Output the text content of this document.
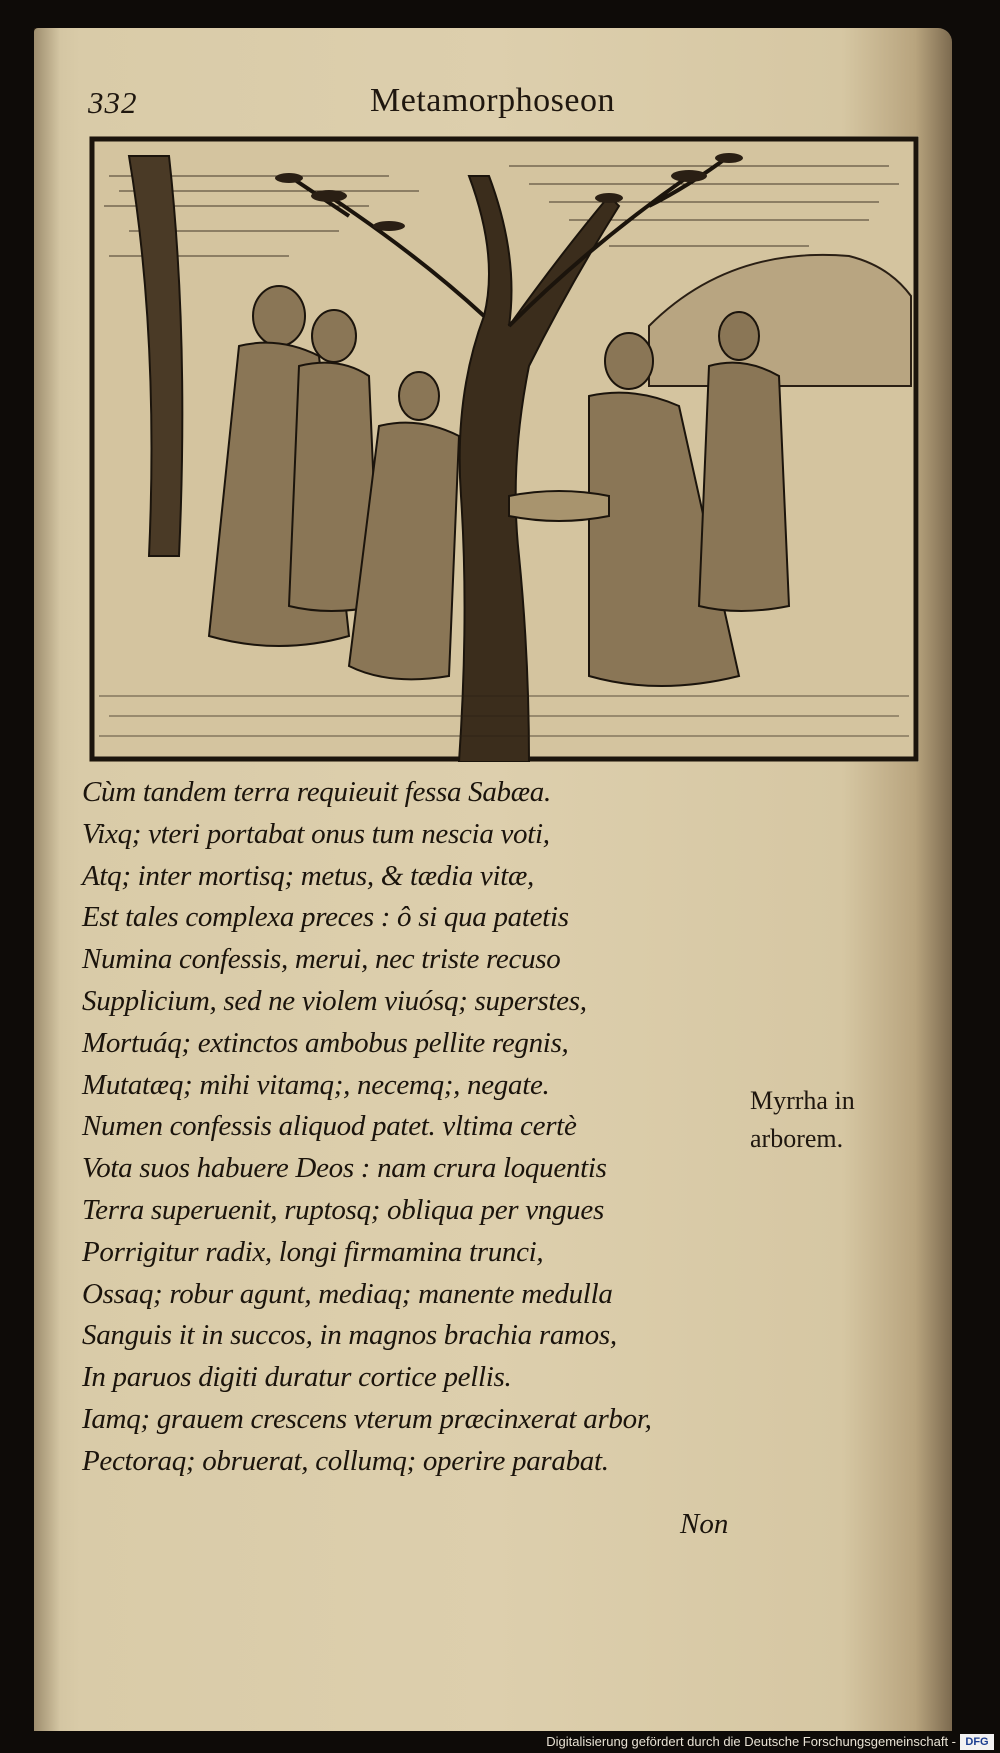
332	Metamorphoseon
Cùm tandem terra requieuit fessa Sabæa.
Vixq; vteri portabat onus tum nescia voti,
Atq; inter mortisq; metus, & tædia vitæ,
Est tales complexa preces : ô si qua patetis
Numina confessis, merui, nec triste recuso
Supplicium, sed ne violem viuósq; superstes,
Mortuáq; extinctos ambobus pellite regnis,
Mutatæq; mihi vitamq;, necemq;, negate.
Numen confessis aliquod patet. vltima certè
Vota suos habuere Deos : nam crura loquentis
Terra superuenit, ruptosq; obliqua per vngues
Porrigitur radix, longi firmamina trunci,
Ossaq; robur agunt, mediaq; manente medulla
Sanguis it in succos, in magnos brachia ramos,
In paruos digiti duratur cortice pellis.
Iamq; grauem crescens vterum præcinxerat arbor,
Pectoraq; obruerat, collumq; operire parabat.
Myrrha in
arborem.
Non
Digitalisierung gefördert durch die Deutsche Forschungsgemeinschaft - DFG
